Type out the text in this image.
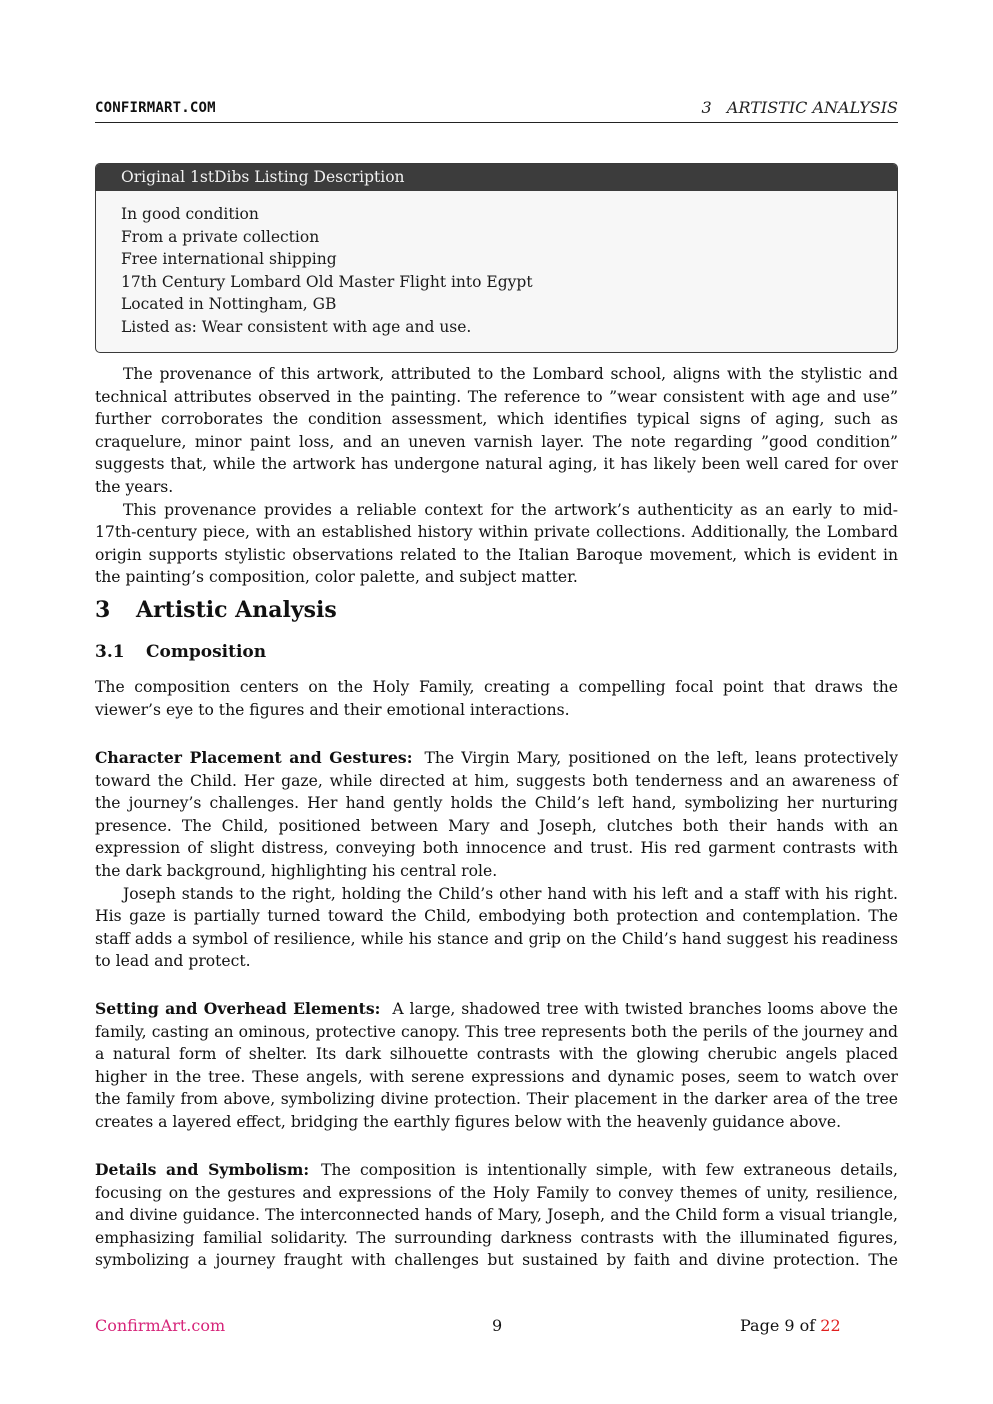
CONFIRMART.COM	3   ARTISTIC ANALYSIS
Original 1stDibs Listing Description
In good condition
From a private collection
Free international shipping
17th Century Lombard Old Master Flight into Egypt
Located in Nottingham, GB
Listed as: Wear consistent with age and use.

The provenance of this artwork, attributed to the Lombard school, aligns with the stylistic and technical attributes observed in the painting. The reference to ”wear consistent with age and use” further corroborates the condition assessment, which identifies typical signs of aging, such as craquelure, minor paint loss, and an uneven varnish layer. The note regarding ”good condition” suggests that, while the artwork has undergone natural aging, it has likely been well cared for over the years.

This provenance provides a reliable context for the artwork’s authenticity as an early to mid-17th-century piece, with an established history within private collections. Additionally, the Lombard origin supports stylistic observations related to the Italian Baroque movement, which is evident in the painting’s composition, color palette, and subject matter.

3 Artistic Analysis
3.1 Composition

The composition centers on the Holy Family, creating a compelling focal point that draws the viewer’s eye to the figures and their emotional interactions.

Character Placement and Gestures: The Virgin Mary, positioned on the left, leans protectively toward the Child. Her gaze, while directed at him, suggests both tenderness and an awareness of the journey’s challenges. Her hand gently holds the Child’s left hand, symbolizing her nurturing presence. The Child, positioned between Mary and Joseph, clutches both their hands with an expression of slight distress, conveying both innocence and trust. His red garment contrasts with the dark background, highlighting his central role.

Joseph stands to the right, holding the Child’s other hand with his left and a staff with his right. His gaze is partially turned toward the Child, embodying both protection and contemplation. The staff adds a symbol of resilience, while his stance and grip on the Child’s hand suggest his readiness to lead and protect.

Setting and Overhead Elements: A large, shadowed tree with twisted branches looms above the family, casting an ominous, protective canopy. This tree represents both the perils of the journey and a natural form of shelter. Its dark silhouette contrasts with the glowing cherubic angels placed higher in the tree. These angels, with serene expressions and dynamic poses, seem to watch over the family from above, symbolizing divine protection. Their placement in the darker area of the tree creates a layered effect, bridging the earthly figures below with the heavenly guidance above.

Details and Symbolism: The composition is intentionally simple, with few extraneous details, focusing on the gestures and expressions of the Holy Family to convey themes of unity, resilience, and divine guidance. The interconnected hands of Mary, Joseph, and the Child form a visual triangle, emphasizing familial solidarity. The surrounding darkness contrasts with the illuminated figures, symbolizing a journey fraught with challenges but sustained by faith and divine protection. The

ConfirmArt.com	9	Page 9 of 22
